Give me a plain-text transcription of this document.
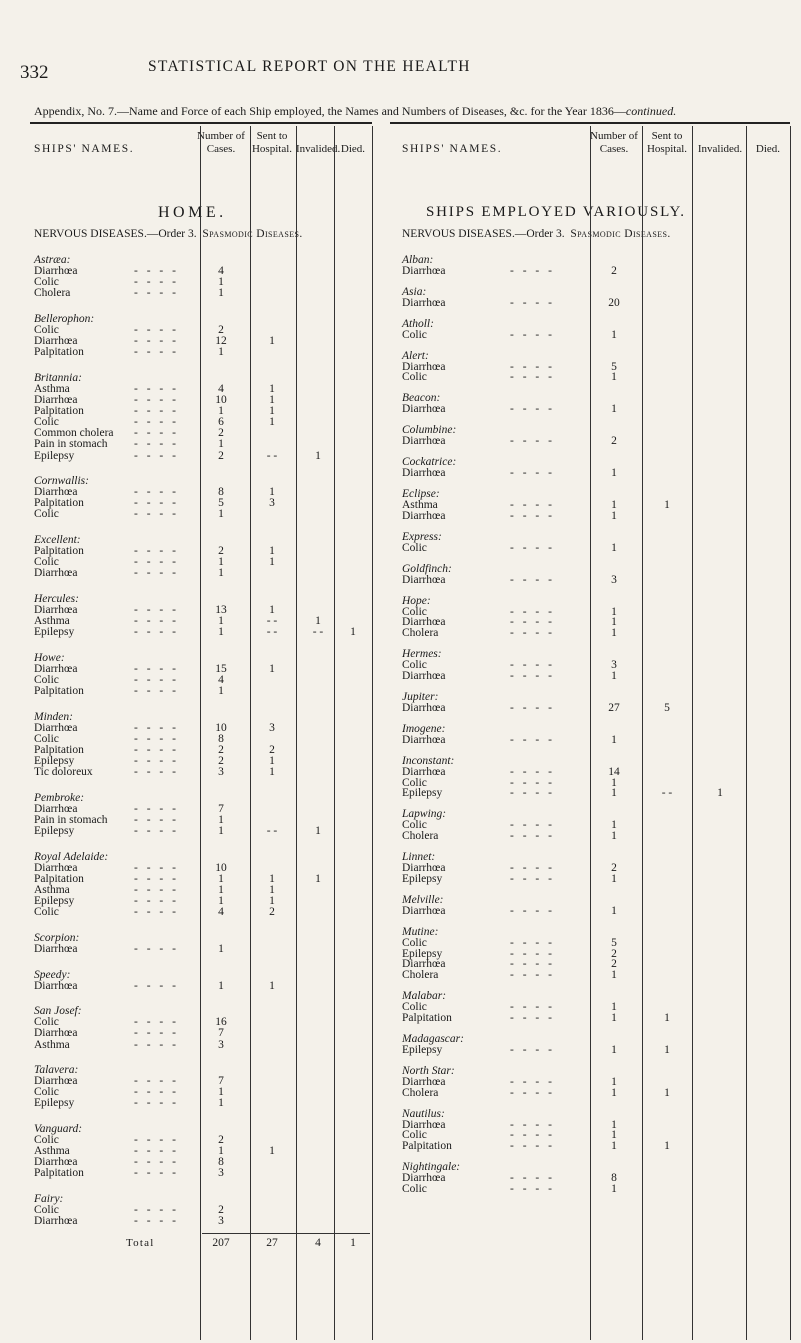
332	STATISTICAL REPORT ON THE HEALTH
Appendix, No. 7.—Name and Force of each Ship employed, the Names and Numbers of Diseases, &c. for the Year 1836—continued.
SHIPS' NAMES.
Number of Cases.
Sent to Hospital. Invalided. Died.
HOME.
NERVOUS DISEASES.—Order 3. Spasmodic Diseases.
Astræa:
Diarrhœa	- - - -	4
Colic	- - - -	1
Cholera	- - - -	1
Bellerophon:
Colic	- - - -	2
Diarrhœa	- - - -	12	1
Palpitation	- - - -	1
Britannia:
Asthma	- - - -	4	1
Diarrhœa	- - - -	10	1
Palpitation	- - - -	1	1
Colic	- - - -	6	1
Common cholera - - - -	2
Pain in stomach - - - -	1
Epilepsy	- - - -	2	- -	1
Cornwallis:
Diarrhœa	- - - -	8	1
Palpitation	- - - -	5	3
Colic	- - - -	1
Excellent:
Palpitation	- - - -	2	1
Colic	- - - -	1	1
Diarrhœa	- - - -	1
Hercules:
Diarrhœa	- - - -	13	1
Asthma	- - - -	1	- -	1
Epilepsy	- - - -	1	- -	- -	1
Howe:
Diarrhœa	- - - -	15	1
Colic	- - - -	4
Palpitation	- - - -	1
Minden:
Diarrhœa	- - - -	10	3
Colic	- - - -	8
Palpitation	- - - -	2	2
Epilepsy	- - - -	2	1
Tic doloreux	- - - -	3	1
Pembroke:
Diarrhœa	- - - -	7
Pain in stomach - - - -	1
Epilepsy	- - - -	1	- -	1
Royal Adelaide:
Diarrhœa	- - - -	10
Palpitation	- - - -	1	1	1
Asthma	- - - -	1	1
Epilepsy	- - - -	1	1
Colic	- - - -	4	2
Scorpion:
Diarrhœa	- - - -	1
Speedy:
Diarrhœa	- - - -	1	1
San Josef:
Colic	- - - -	16
Diarrhœa	- - - -	7
Asthma	- - - -	3
Talavera:
Diarrhœa	- - - -	7
Colic	- - - -	1
Epilepsy	- - - -	1
Vanguard:
Colic	- - - -	2
Asthma	- - - -	1	1
Diarrhœa	- - - -	8
Palpitation	- - - -	3
Fairy:
Colic	- - - -	2
Diarrhœa	- - - -	3
Total	207	27	4	1
SHIPS' NAMES.
Number of Cases.
Sent to Hospital. Invalided.	Died.
SHIPS EMPLOYED VARIOUSLY.
NERVOUS DISEASES.—Order 3. Spasmodic Diseases.
Alban:
Diarrhœa	- - - -	2
Asia:
Diarrhœa	- - - -	20
Atholl:
Colic	- - - -	1
Alert:
Diarrhœa	- - - -	5
Colic	- - - -	1
Beacon:
Diarrhœa	- - - -	1
Columbine:
Diarrhœa	- - - -	2
Cockatrice:
Diarrhœa	- - - -	1
Eclipse:
Asthma	- - - -	1	1
Diarrhœa	- - - -	1
Express:
Colic	- - - -	1
Goldfinch:
Diarrhœa	- - - -	3
Hope:
Colic	- - - -	1
Diarrhœa	- - - -	1
Cholera	- - - -	1
Hermes:
Colic	- - - -	3
Diarrhœa	- - - -	1
Jupiter:
Diarrhœa	- - - -	27	5
Imogene:
Diarrhœa	- - - -	1
Inconstant:
Diarrhœa	- - - -	14
Colic	- - - -	1
Epilepsy	- - - -	1	- -	1
Lapwing:
Colic	- - - -	1
Cholera	- - - -	1
Linnet:
Diarrhœa	- - - -	2
Epilepsy	- - - -	1
Melville:
Diarrhœa	- - - -	1
Mutine:
Colic	- - - -	5
Epilepsy	- - - -	2
Diarrhœa	- - - -	2
Cholera	- - - -	1
Malabar:
Colic	- - - -	1
Palpitation	- - - -	1	1
Madagascar:
Epilepsy	- - - -	1	1
North Star:
Diarrhœa	- - - -	1
Cholera	- - - -	1	1
Nautilus:
Diarrhœa	- - - -	1
Colic	- - - -	1
Palpitation	- - - -	1	1
Nightingale:
Diarrhœa	- - - -	8
Colic	- - - -	1
